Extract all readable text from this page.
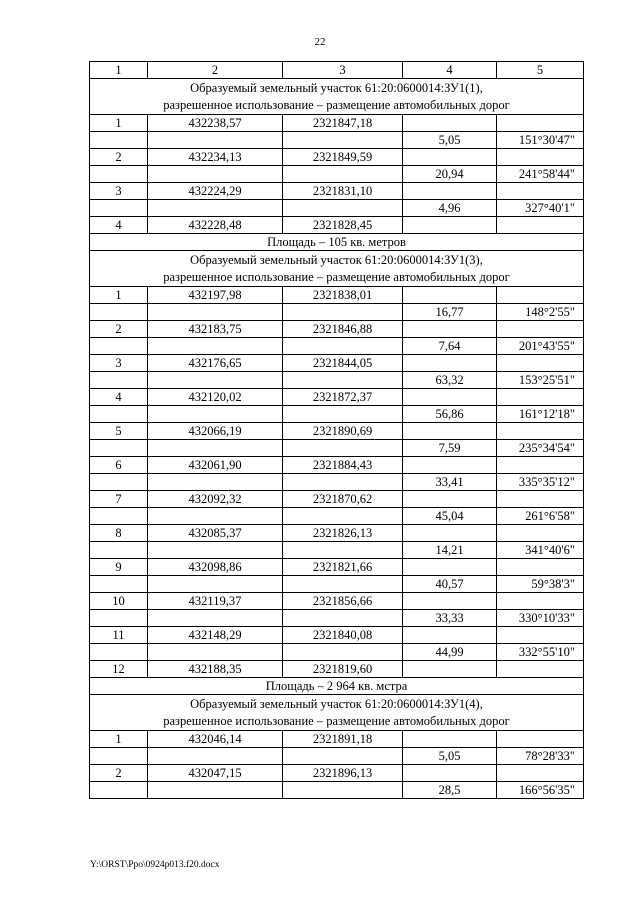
22
1	2	3	4	5
Образуемый земельный участок 61:20:0600014:ЗУ1(1),
разрешенное использование – размещение автомобильных дорог				
1	432238,57	2321847,18		
			5,05	151°30'47"
2	432234,13	2321849,59		
			20,94	241°58'44"
3	432224,29	2321831,10		
			4,96	327°40'1"
4	432228,48	2321828,45		
Площадь – 105 кв. метров				
Образуемый земельный участок 61:20:0600014:ЗУ1(3),
разрешенное использование – размещение автомобильных дорог				
1	432197,98	2321838,01		
			16,77	148°2'55"
2	432183,75	2321846,88		
			7,64	201°43'55"
3	432176,65	2321844,05		
			63,32	153°25'51"
4	432120,02	2321872,37		
			56,86	161°12'18"
5	432066,19	2321890,69		
			7,59	235°34'54"
6	432061,90	2321884,43		
			33,41	335°35'12"
7	432092,32	2321870,62		
			45,04	261°6'58"
8	432085,37	2321826,13		
			14,21	341°40'6"
9	432098,86	2321821,66		
			40,57	59°38'3"
10	432119,37	2321856,66		
			33,33	330°10'33"
11	432148,29	2321840,08		
			44,99	332°55'10"
12	432188,35	2321819,60		
Площадь – 2 964 кв. мстра				
Образуемый земельный участок 61:20:0600014:ЗУ1(4),
разрешенное использование – размещение автомобильных дорог				
1	432046,14	2321891,18		
			5,05	78°28'33"
2	432047,15	2321896,13		
			28,5	166°56'35"
Y:\ORST\Ppo\0924p013.f20.docx
